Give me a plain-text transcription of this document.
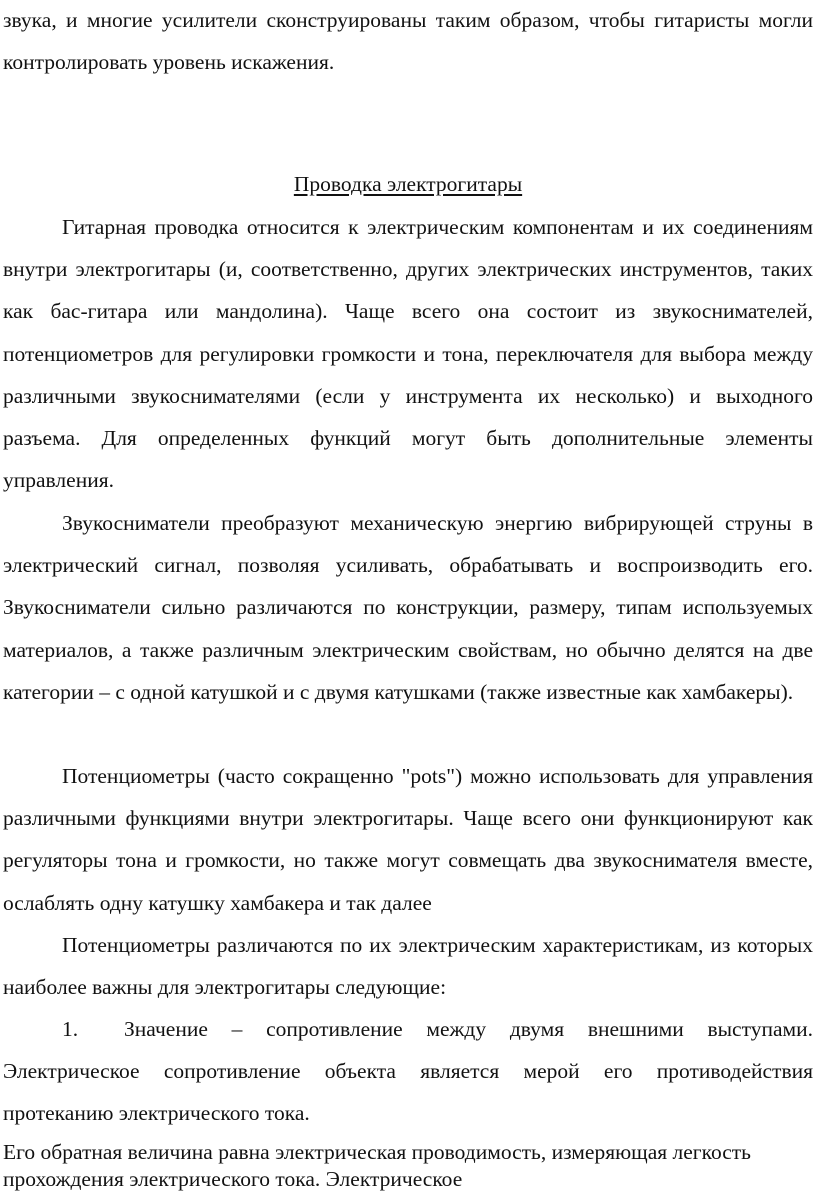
звука, и многие усилители сконструированы таким образом, чтобы гитаристы могли контролировать уровень искажения.

Проводка электрогитары

Гитарная проводка относится к электрическим компонентам и их соединениям внутри электрогитары (и, соответственно, других электрических инструментов, таких как бас-гитара или мандолина). Чаще всего она состоит из звукоснимателей, потенциометров для регулировки громкости и тона, переключателя для выбора между различными звукоснимателями (если у инструмента их несколько) и выходного разъема. Для определенных функций могут быть дополнительные элементы управления.

Звукосниматели преобразуют механическую энергию вибрирующей струны в электрический сигнал, позволяя усиливать, обрабатывать и воспроизводить его. Звукосниматели сильно различаются по конструкции, размеру, типам используемых материалов, а также различным электрическим свойствам, но обычно делятся на две категории – с одной катушкой и с двумя катушками (также известные как хамбакеры).

Потенциометры (часто сокращенно "pots") можно использовать для управления различными функциями внутри электрогитары. Чаще всего они функционируют как регуляторы тона и громкости, но также могут совмещать два звукоснимателя вместе, ослаблять одну катушку хамбакера и так далее

Потенциометры различаются по их электрическим характеристикам, из которых наиболее важны для электрогитары следующие:

1. Значение – сопротивление между двумя внешними выступами. Электрическое сопротивление объекта является мерой его противодействия протеканию электрического тока.

Его обратная величина равна электрическая проводимость, измеряющая легкость прохождения электрического тока. Электрическое
